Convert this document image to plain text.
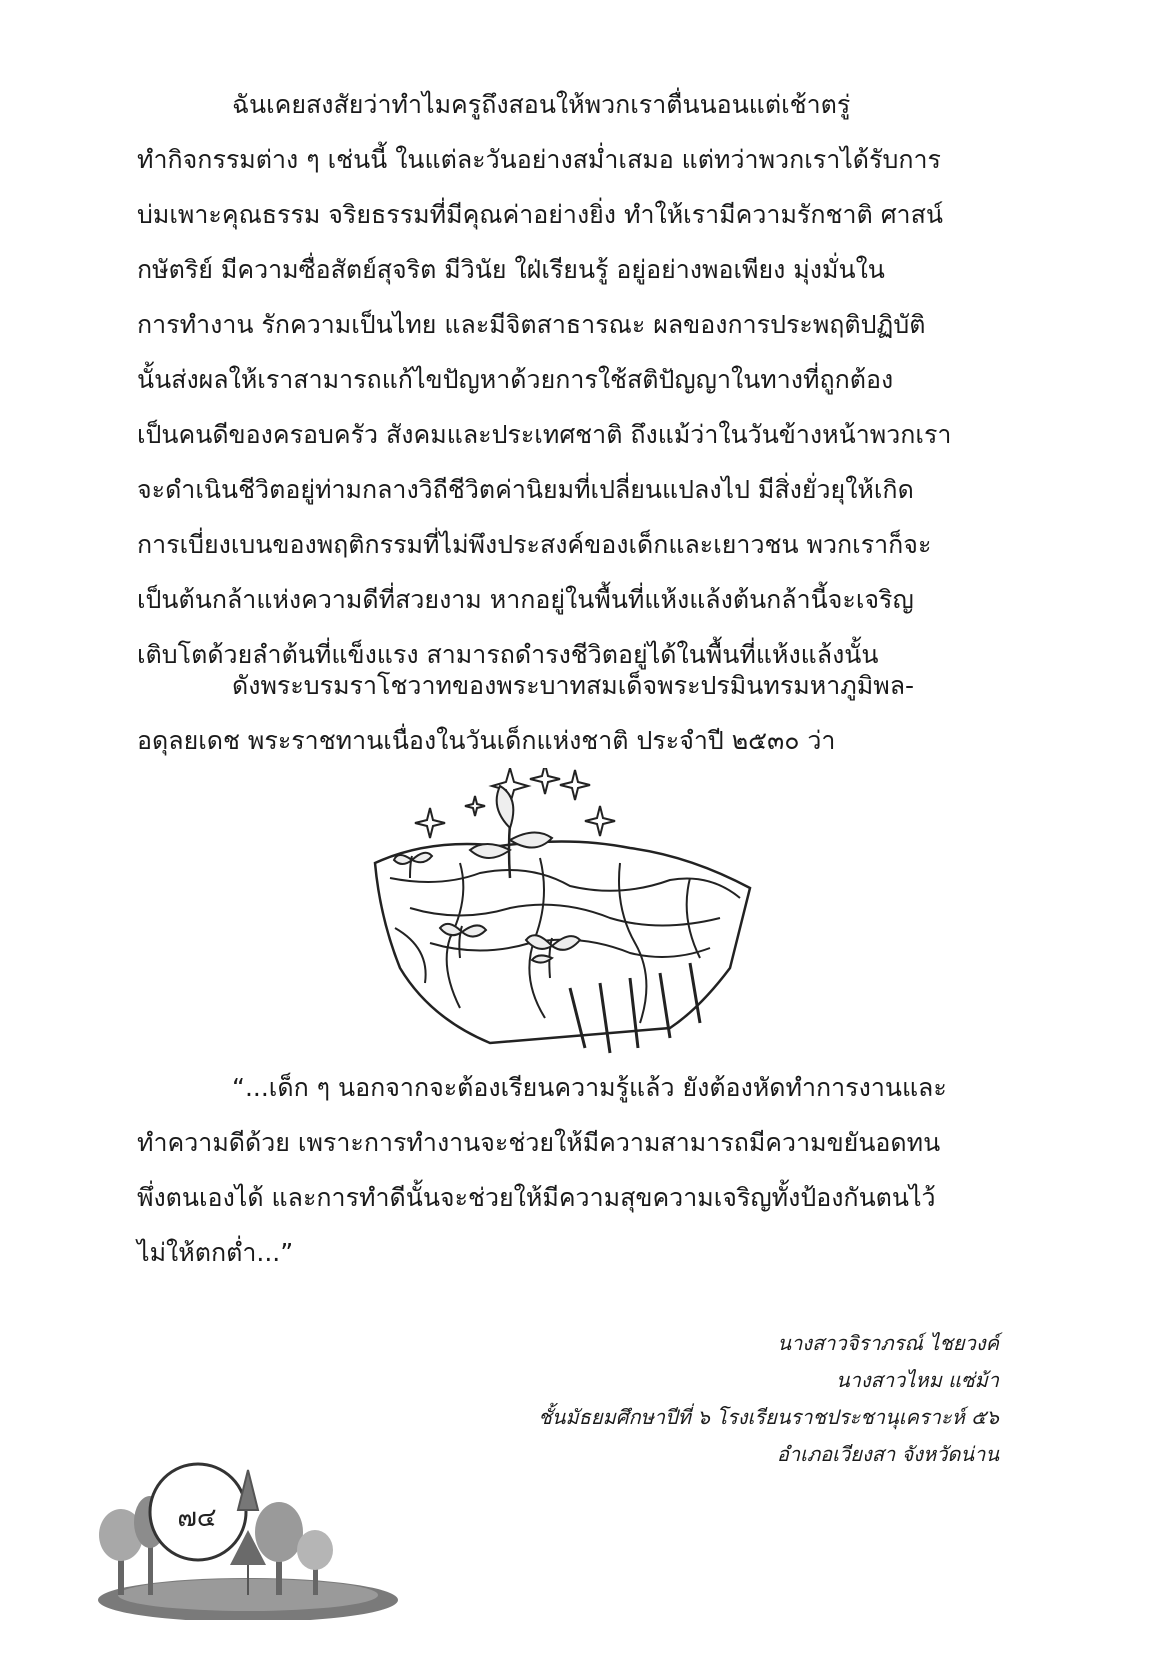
ฉันเคยสงสัยว่าทำไมครูถึงสอนให้พวกเราตื่นนอนแต่เช้าตรู่
ทำกิจกรรมต่าง ๆ เช่นนี้ ในแต่ละวันอย่างสม่ำเสมอ แต่ทว่าพวกเราได้รับการ
บ่มเพาะคุณธรรม จริยธรรมที่มีคุณค่าอย่างยิ่ง ทำให้เรามีความรักชาติ ศาสน์
กษัตริย์ มีความซื่อสัตย์สุจริต มีวินัย ใฝ่เรียนรู้ อยู่อย่างพอเพียง มุ่งมั่นใน
การทำงาน รักความเป็นไทย และมีจิตสาธารณะ ผลของการประพฤติปฏิบัติ
นั้นส่งผลให้เราสามารถแก้ไขปัญหาด้วยการใช้สติปัญญาในทางที่ถูกต้อง
เป็นคนดีของครอบครัว สังคมและประเทศชาติ ถึงแม้ว่าในวันข้างหน้าพวกเรา
จะดำเนินชีวิตอยู่ท่ามกลางวิถีชีวิตค่านิยมที่เปลี่ยนแปลงไป มีสิ่งยั่วยุให้เกิด
การเบี่ยงเบนของพฤติกรรมที่ไม่พึงประสงค์ของเด็กและเยาวชน พวกเราก็จะ
เป็นต้นกล้าแห่งความดีที่สวยงาม หากอยู่ในพื้นที่แห้งแล้งต้นกล้านี้จะเจริญ
เติบโตด้วยลำต้นที่แข็งแรง สามารถดำรงชีวิตอยู่ได้ในพื้นที่แห้งแล้งนั้น
ดังพระบรมราโชวาทของพระบาทสมเด็จพระปรมินทรมหาภูมิพล-
อดุลยเดช พระราชทานเนื่องในวันเด็กแห่งชาติ ประจำปี ๒๕๓๐ ว่า
“...เด็ก ๆ นอกจากจะต้องเรียนความรู้แล้ว ยังต้องหัดทำการงานและ
ทำความดีด้วย เพราะการทำงานจะช่วยให้มีความสามารถมีความขยันอดทน
พึ่งตนเองได้ และการทำดีนั้นจะช่วยให้มีความสุขความเจริญทั้งป้องกันตนไว้
ไม่ให้ตกต่ำ...”
นางสาวจิราภรณ์ ไชยวงค์
นางสาวไหม แซ่ม้า
ชั้นมัธยมศึกษาปีที่ ๖ โรงเรียนราชประชานุเคราะห์ ๕๖
อำเภอเวียงสา จังหวัดน่าน
๗๔
